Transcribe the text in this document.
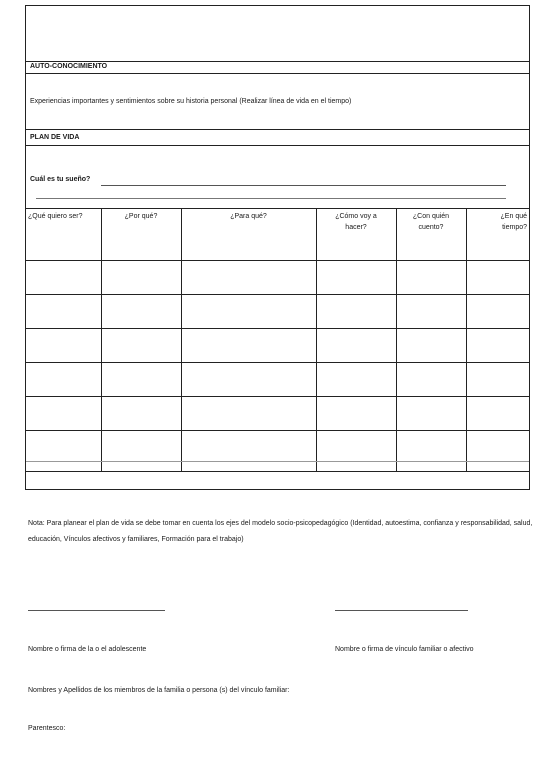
AUTO-CONOCIMIENTO
Experiencias importantes y sentimientos sobre su historia personal (Realizar línea de vida en el tiempo)
PLAN DE VIDA
Cuál es tu sueño?
¿Qué quiero ser?	¿Por qué?	¿Para qué?	¿Cómo voy a hacer?	¿Con quién cuento?	¿En qué tiempo?

Nota: Para planear el plan de vida se debe tomar en cuenta los ejes del modelo socio-psicopedagógico (Identidad, autoestima, confianza y responsabilidad, salud, educación, Vínculos afectivos y familiares, Formación para el trabajo)
Nombre o firma de la o el adolescente	Nombre o firma de vínculo familiar o afectivo
Nombres y Apellidos de los miembros de la familia o persona (s) del vínculo familiar:
Parentesco:
